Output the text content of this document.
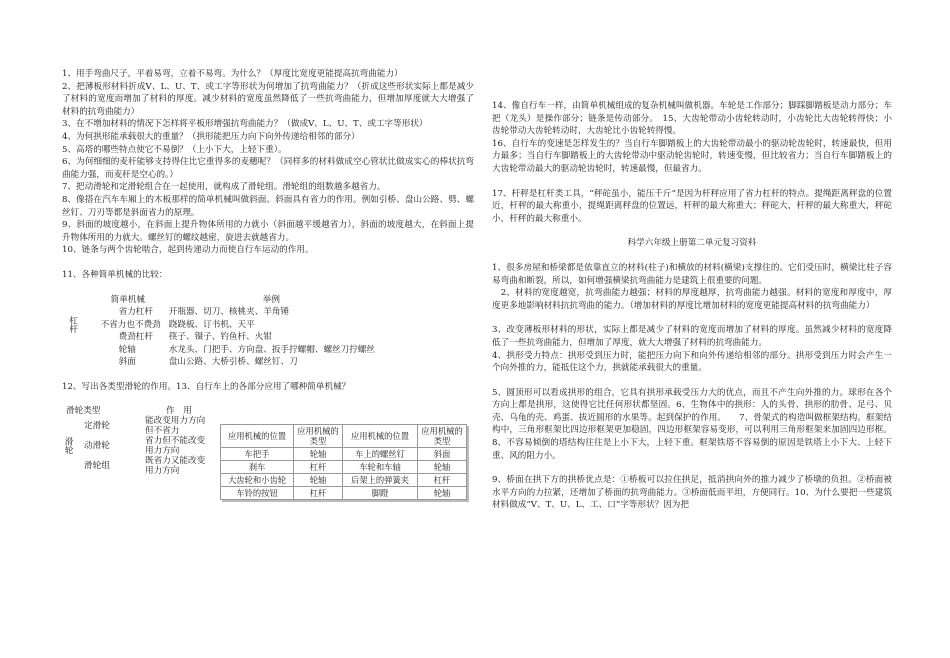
1、用手弯曲尺子，平着易弯，立着不易弯。为什么？（厚度比宽度更能提高抗弯曲能力）

2、把薄板形材料折成V、L、U、T、或工字等形状为何增加了抗弯曲能力？（折成这些形状实际上都是减少了材料的宽度而增加了材料的厚度。减少材料的宽度虽然降低了一些抗弯曲能力，但增加厚度就大大增强了材料的抗弯曲能力）

3、在不增加材料的情况下怎样将平板形增强抗弯曲能力？（做成V、L、U、T、或工字等形状）

4、为何拱形能承载很大的重量？（拱形能把压力向下向外传递给相邻的部分）

5、高塔的哪些特点使它不易倒？（上小下大，上轻下重）。

6、为何细细的麦秆能够支持得住比它重得多的麦穗呢？（同样多的材料做成空心管状比做成实心的棒状抗弯曲能力强，而麦秆是空心的。）

7、把动滑轮和定滑轮组合在一起使用，就构成了滑轮组。滑轮组的组数越多越省力。

8、像搭在汽车车厢上的木板那样的简单机械叫做斜面。斜面具有省力的作用。例如引桥、盘山公路、劈、螺丝钉、刀刃等都是斜面省力的原理。

9、斜面的坡度越小，在斜面上提升物体所用的力就小（斜面越平缓越省力），斜面的坡度越大，在斜面上提升物体所用的力就大。螺丝钉的螺纹越密，旋进去就越省力。

10、链条与两个齿轮啮合，起到传递动力而使自行车运动的作用。

11、各种简单机械的比较：

	简单机械	举例
杠杆	省力杠杆	开瓶器、切刀、核桃夹、羊角锤
	不省力也不费劲	跷跷板、订书机、天平
	费劲杠杆	筷子、镊子、钓鱼杆、火钳
	轮轴	水龙头、门把手、方向盘、扳手拧螺帽、螺丝刀拧螺丝
	斜面	盘山公路、大桥引桥、螺丝钉、刀

12、写出各类型滑轮的作用。13、自行车上的各部分应用了哪种简单机械？

滑轮类型		作　用
滑轮	定滑轮	能改变用力方向但不省力
	动滑轮	省力但不能改变用力方向
	滑轮组	既省力又能改变用力方向
应用机械的位置	应用机械的类型	应用机械的位置	应用机械的类型
车把手	轮轴	车上的螺丝钉	斜面
刹车	杠杆	车轮和车轴	轮轴
大齿轮和小齿轮	轮轴	后架上的弹簧夹	杠杆
车铃的按钮	杠杆	脚蹬	轮轴

14、像自行车一样，由简单机械组成的复杂机械叫做机器。车轮是工作部分；脚踩脚踏板是动力部分；车把（龙头）是操作部分；链条是传动部分。　15、大齿轮带动小齿轮转动时，小齿轮比大齿轮转得快；小齿轮带动大齿轮转动时，大齿轮比小齿轮转得慢。

16、自行车的变速是怎样发生的？当自行车脚踏板上的大齿轮带动最小的驱动轮齿轮时，转速最快，但用力最多；当自行车脚踏板上的大齿轮带动中驱动轮齿轮时，转速变慢，但比较省力；当自行车脚踏板上的大齿轮带动最大的驱动轮齿轮时，转速最慢，但最省力。

17、杆秤是杠杆类工具，“秤砣虽小，能压千斤”是因为杆秤应用了省力杠杆的特点。提绳距离秤盘的位置近，杆秤的最大称重小，提绳距离秤盘的位置远，杆秤的最大称重大；秤砣大，杆秤的最大称重大，秤砣小，杆秤的最大称重小。

科学六年级上册第二单元复习资料

1、很多房屋和桥梁都是依靠直立的材料(柱子)和横放的材料(横梁)支撑住的。它们受压时，横梁比柱子容易弯曲和断裂，所以，如何增强横梁抗弯曲能力是建筑上很重要的问题。

　2、材料的宽度越宽，抗弯曲能力越强；材料的厚度越厚，抗弯曲能力越强。材料的宽度和厚度中，厚度更多地影响材料抗抗弯曲的能力。（增加材料的厚度比增加材料的宽度更能提高材料的抗弯曲能力）

3、改变薄板形材料的形状，实际上都是减少了材料的宽度而增加了材料的厚度。虽然减少材料的宽度降低了一些抗弯曲能力，但增加了厚度，就大大增强了材料的抗弯曲能力。

4、拱形受力特点：拱形受到压力时，能把压力向下和向外传递给相邻的部分。拱形受到压力时会产生一个向外推的力，能抵住这个力，拱就能承载很大的重量。

5、圆顶形可以看成拱形的组合，它具有拱形承载受压力大的优点，而且不产生向外推的力。球形在各个方向上都是拱形，这使得它比任何形状都坚固。6、生物体中的拱形：人的头骨、拱形的肋骨、足弓、贝壳、乌龟的壳、鸡蛋、拔近圆形的水果等。起到保护的作用。　　7、骨架式的构造叫做框架结构。框架结构中，三角形框架比四边形框架更加稳固，四边形框架容易变形，可以利用三角形框架来加固四边形框。8、不容易倾倒的塔结构往往是上小下大，上轻下重。框架铁塔不容易倒的原因是铁塔上小下大、上轻下重、风的阻力小。

9、桥面在拱下方的拱桥优点是：①桥板可以拉住拱足，抵消拱向外的推力减少了桥墩的负担。②桥面被水平方向的力拉紧，还增加了桥面的抗弯曲能力。③桥面低而平坦，方便同行。10、为什么要把一些建筑材料做成“V、T、U、L、工、口”字等形状？因为把
